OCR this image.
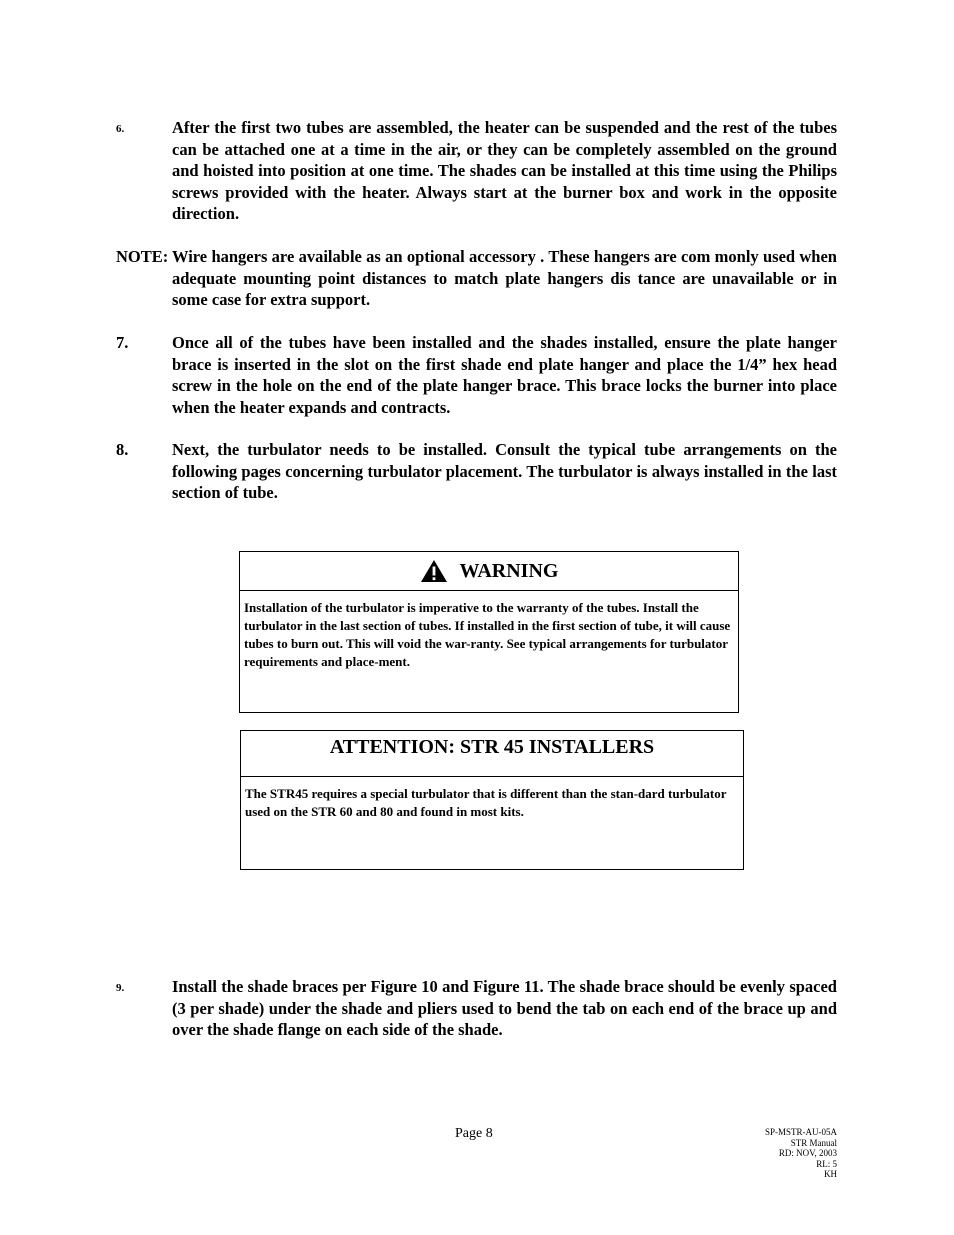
6.	After the first two tubes are assembled, the heater can be suspended and the rest of the tubes can be attached one at a time in the air, or they can be completely assembled on the ground and hoisted into position at one time. The shades can be installed at this time using the Philips screws provided with the heater. Always start at the burner box and work in the opposite direction.
NOTE: Wire hangers are available as an optional accessory . These hangers are com monly used when adequate mounting point distances to match plate hangers dis tance are unavailable or in some case for extra support.
7.	Once all of the tubes have been installed and the shades installed, ensure the plate hanger brace is inserted in the slot on the first shade end plate hanger and place the 1/4” hex head screw in the hole on the end of the plate hanger brace. This brace locks the burner into place when the heater expands and contracts.
8.	Next, the turbulator needs to be installed. Consult the typical tube arrangements on the following pages concerning turbulator placement. The turbulator is always installed in the last section of tube.
WARNING
Installation of the turbulator is imperative to the warranty of the tubes. Install the turbulator in the last section of tubes. If installed in the first section of tube, it will cause tubes to burn out. This will void the war-ranty. See typical arrangements for turbulator requirements and place-ment.
ATTENTION: STR 45 INSTALLERS
The STR45 requires a special turbulator that is different than the stan-dard turbulator used on the STR 60 and 80 and found in most kits.
9.	Install the shade braces per Figure 10 and Figure 11. The shade brace should be evenly spaced (3 per shade) under the shade and pliers used to bend the tab on each end of the brace up and over the shade flange on each side of the shade.
Page 8	SP-MSTR-AU-05A
STR Manual
RD: NOV, 2003
RL: 5
KH
